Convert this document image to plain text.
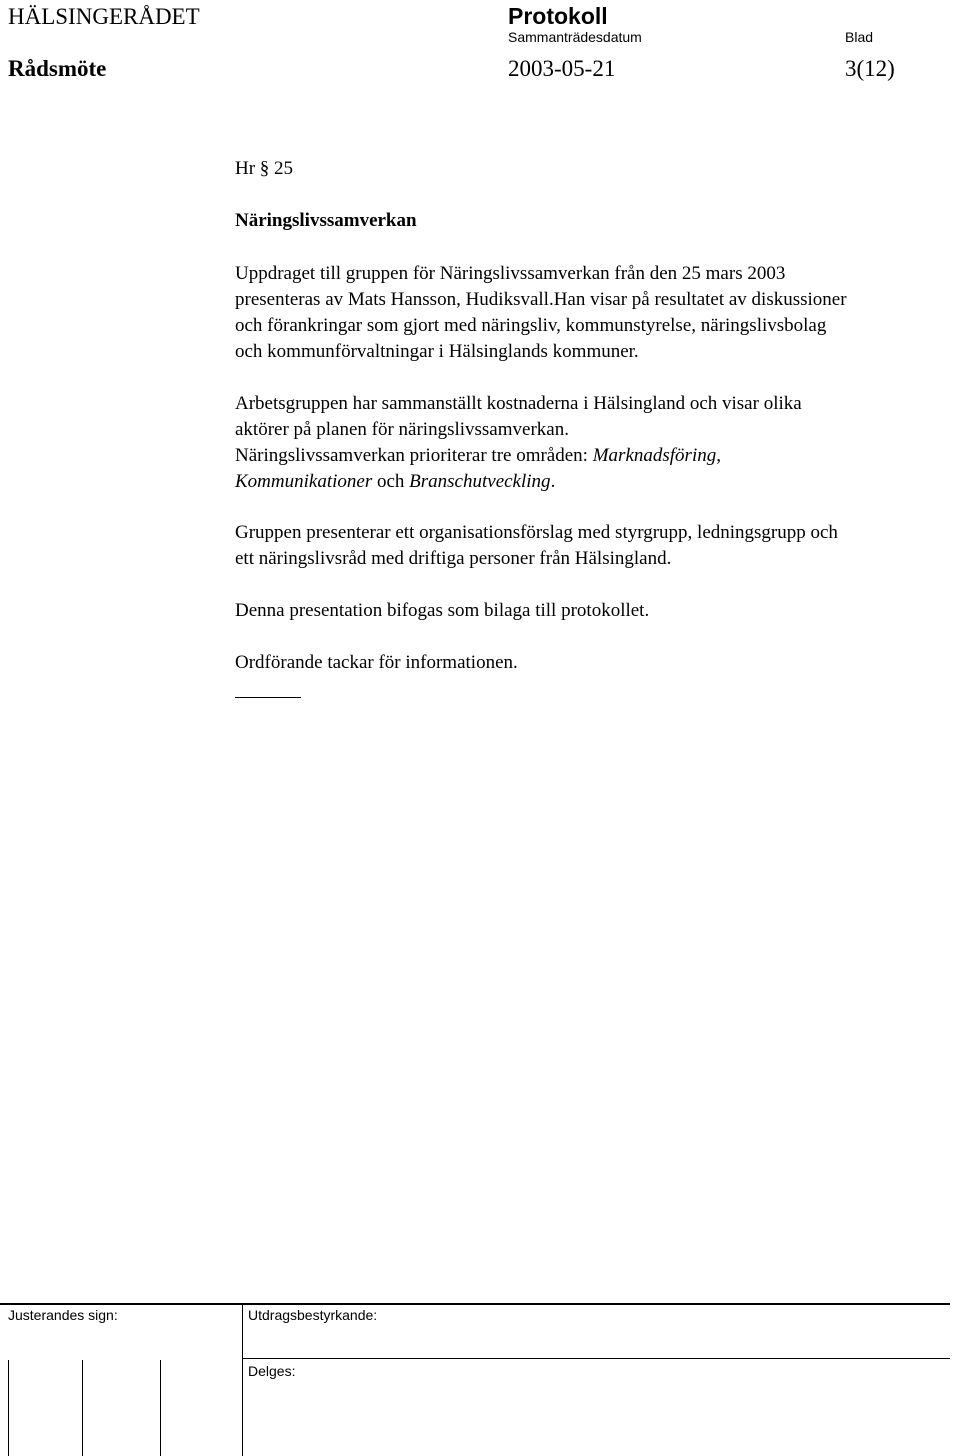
HÄLSINGERÅDET	Protokoll
Sammanträdesdatum	Blad
Rådsmöte	2003-05-21	3(12)
Hr § 25
Näringslivssamverkan
Uppdraget till gruppen för Näringslivssamverkan från den 25 mars 2003
presenteras av Mats Hansson, Hudiksvall.Han visar på resultatet av diskussioner
och förankringar som gjort med näringsliv, kommunstyrelse, näringslivsbolag
och kommunförvaltningar i Hälsinglands kommuner.
Arbetsgruppen har sammanställt kostnaderna i Hälsingland och visar olika
aktörer på planen för näringslivssamverkan.
Näringslivssamverkan prioriterar tre områden: Marknadsföring,
Kommunikationer och Branschutveckling.
Gruppen presenterar ett organisationsförslag med styrgrupp, ledningsgrupp och
ett näringslivsråd med driftiga personer från Hälsingland.
Denna presentation bifogas som bilaga till protokollet.
Ordförande tackar för informationen.
Justerandes sign:	Utdragsbestyrkande:
Delges:
